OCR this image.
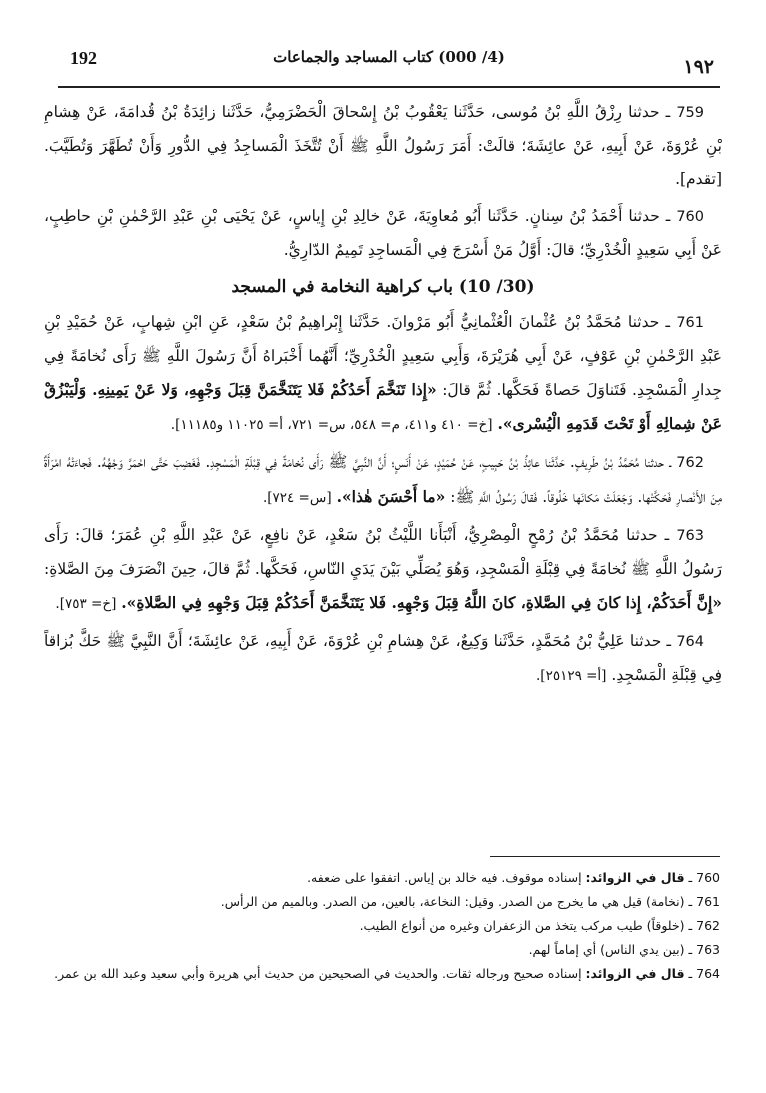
192	(4/ 000) كتاب المساجد والجماعات	١٩٢

759 ـ حدثنا رِزْقُ اللَّهِ بْنُ مُوسى، حَدَّثَنا يَعْقُوبُ بْنُ إِسْحاقَ الْحَضْرَمِيُّ، حَدَّثَنا زائِدَةُ بْنُ قُدامَةَ، عَنْ هِشامِ بْنِ عُرْوَةَ، عَنْ أَبِيهِ، عَنْ عائِشَةَ؛ قالَتْ: أَمَرَ رَسُولُ اللَّهِ ﷺ أَنْ تُتَّخَذَ الْمَساجِدُ فِي الدُّورِ وَأَنْ تُطَهَّرَ وَتُطَيَّبَ. [تقدم].

760 ـ حدثنا أَحْمَدُ بْنُ سِنانٍ. حَدَّثَنا أَبُو مُعاوِيَةَ، عَنْ خالِدِ بْنِ إِياسٍ، عَنْ يَحْيَى بْنِ عَبْدِ الرَّحْمٰنِ بْنِ حاطِبٍ، عَنْ أَبِي سَعِيدٍ الْخُدْرِيِّ؛ قالَ: أَوَّلُ مَنْ أَسْرَجَ فِي الْمَساجِدِ تَمِيمٌ الدّارِيُّ.

(30/ 10) باب كراهية النخامة في المسجد

761 ـ حدثنا مُحَمَّدُ بْنُ عُثْمانَ الْعُثْمانِيُّ أَبُو مَرْوانَ. حَدَّثَنا إِبْراهِيمُ بْنُ سَعْدٍ، عَنِ ابْنِ شِهابٍ، عَنْ حُمَيْدِ بْنِ عَبْدِ الرَّحْمٰنِ بْنِ عَوْفٍ، عَنْ أَبِي هُرَيْرَةَ، وَأَبِي سَعِيدٍ الْخُدْرِيِّ؛ أَنَّهُما أَخْبَراهُ أَنَّ رَسُولَ اللَّهِ ﷺ رَأَى نُخامَةً فِي جِدارِ الْمَسْجِدِ. فَتَناوَلَ حَصاةً فَحَكَّها. ثُمَّ قالَ: «إِذا تَنَخَّمَ أَحَدُكُمْ فَلا يَتَنَخَّمَنَّ قِبَلَ وَجْهِهِ، وَلا عَنْ يَمِينِهِ. وَلْيَبْزُقْ عَنْ شِمالِهِ أَوْ تَحْتَ قَدَمِهِ الْيُسْرى». [خ= ٤١٠ و٤١١، م= ٥٤٨، س= ٧٢١، أ= ١١٠٢٥ و١١١٨٥].

762 ـ حدثنا مُحَمَّدُ بْنُ طَرِيفٍ. حَدَّثَنا عائِذُ بْنُ حَبِيبٍ، عَنْ حُمَيْدٍ، عَنْ أَنَسٍ؛ أَنَّ النَّبِيَّ ﷺ رَأَى نُخامَةً فِي قِبْلَةِ الْمَسْجِدِ. فَغَضِبَ حَتَّى احْمَرَّ وَجْهُهُ. فَجاءَتْهُ امْرَأَةٌ مِنَ الأَنْصارِ فَحَكَّتْها. وَجَعَلَتْ مَكانَها خَلُوقاً. فَقالَ رَسُولُ اللَّهِ ﷺ: «ما أَحْسَنَ هٰذا». [س= ٧٢٤].

763 ـ حدثنا مُحَمَّدُ بْنُ رُمْحٍ الْمِصْرِيُّ، أَنْبَأَنا اللَّيْثُ بْنُ سَعْدٍ، عَنْ نافِعٍ، عَنْ عَبْدِ اللَّهِ بْنِ عُمَرَ؛ قالَ: رَأَى رَسُولُ اللَّهِ ﷺ نُخامَةً فِي قِبْلَةِ الْمَسْجِدِ، وَهُوَ يُصَلِّي بَيْنَ يَدَيِ النّاسِ، فَحَكَّها. ثُمَّ قالَ، حِينَ انْصَرَفَ مِنَ الصَّلاةِ: «إِنَّ أَحَدَكُمْ، إِذا كانَ فِي الصَّلاةِ، كانَ اللَّهُ قِبَلَ وَجْهِهِ. فَلا يَتَنَخَّمَنَّ أَحَدُكُمْ قِبَلَ وَجْهِهِ فِي الصَّلاةِ». [خ= ٧٥٣].

764 ـ حدثنا عَلِيُّ بْنُ مُحَمَّدٍ، حَدَّثَنا وَكِيعٌ، عَنْ هِشامِ بْنِ عُرْوَةَ، عَنْ أَبِيهِ، عَنْ عائِشَةَ؛ أَنَّ النَّبِيَّ ﷺ حَكَّ بُزاقاً فِي قِبْلَةِ الْمَسْجِدِ. [أ= ٢٥١٢٩].

760 ـ قال في الزوائد: إسناده موقوف. فيه خالد بن إياس. اتفقوا على ضعفه.

761 ـ (نخامة) قيل هي ما يخرج من الصدر. وقيل: النخاعة، بالعين، من الصدر. وبالميم من الرأس.

762 ـ (خلوقاً) طيب مركب يتخذ من الزعفران وغيره من أنواع الطيب.

763 ـ (بين يدي الناس) أي إماماً لهم.

764 ـ قال في الزوائد: إسناده صحيح ورجاله ثقات. والحديث في الصحيحين من حديث أبي هريرة وأبي سعيد وعبد الله بن عمر.
